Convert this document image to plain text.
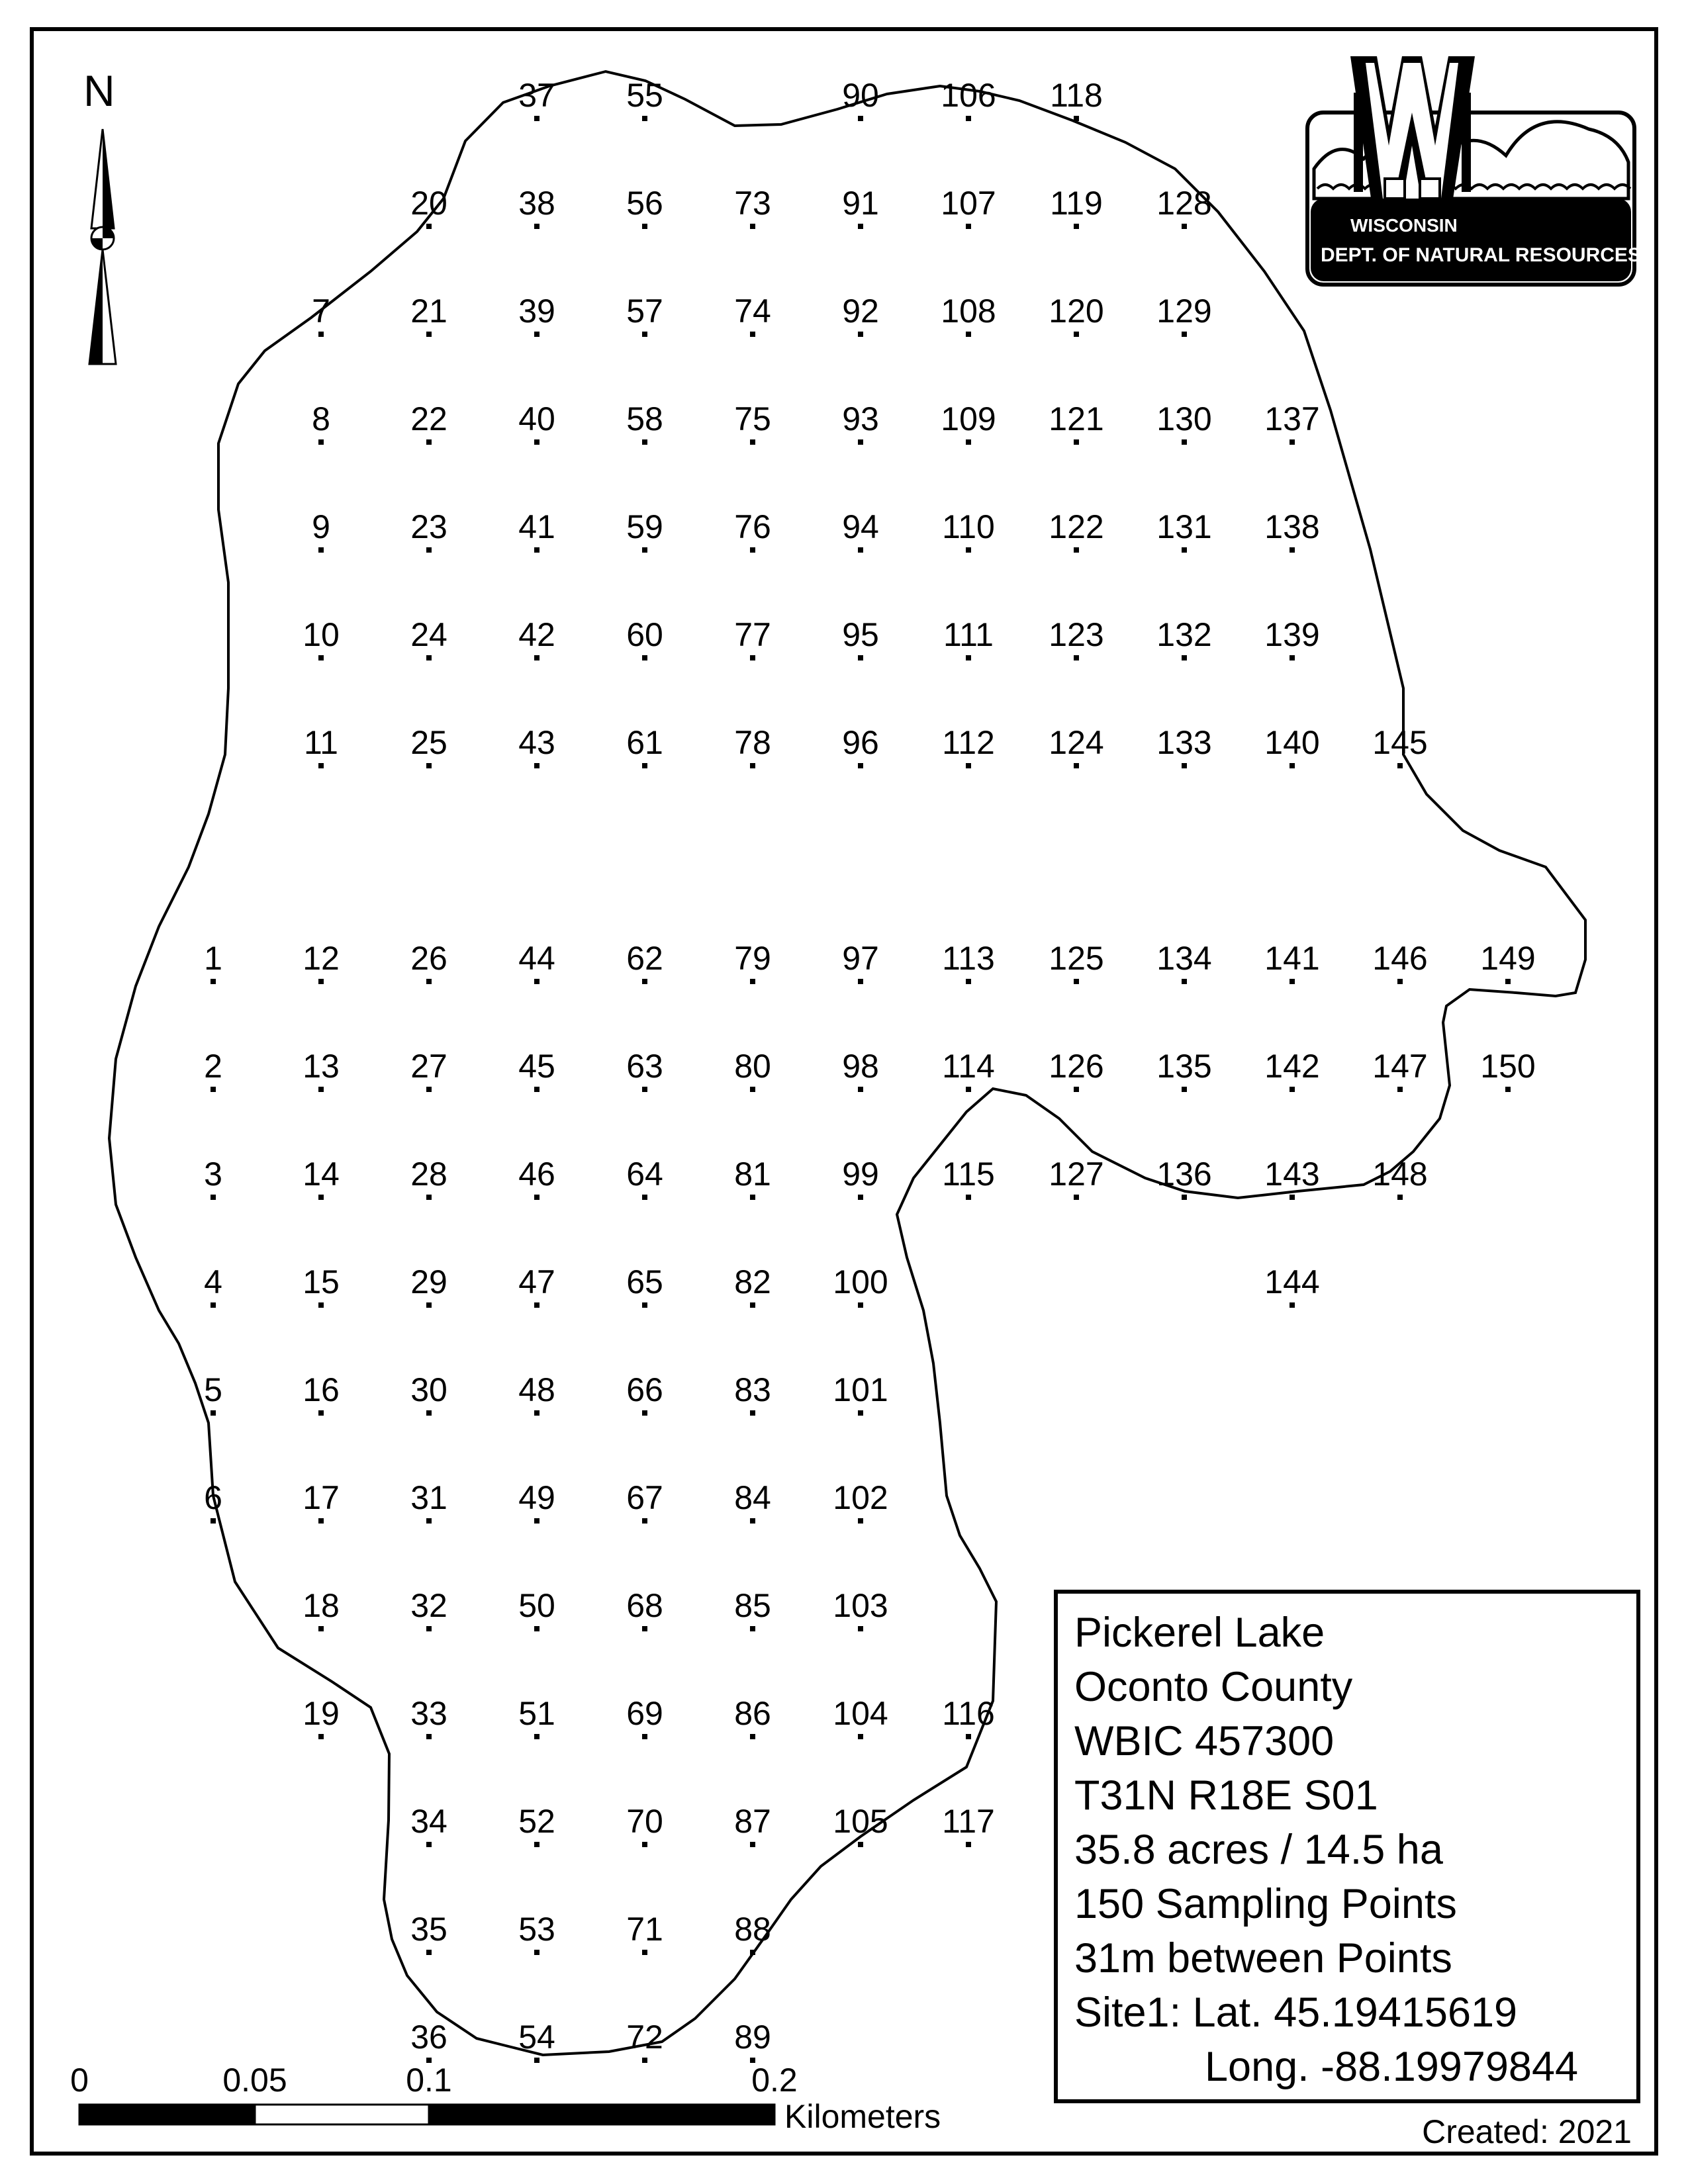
1
2
3
4
5
6
7
8
9
10
11
12
13
14
15
16
17
18
19
20
21
22
23
24
25
26
27
28
29
30
31
32
33
34
35
36
37
38
39
40
41
42
43
44
45
46
47
48
49
50
51
52
53
54
55
56
57
58
59
60
61
62
63
64
65
66
67
68
69
70
71
72
73
74
75
76
77
78
79
80
81
82
83
84
85
86
87
88
89
90
91
92
93
94
95
96
97
98
99
100
101
102
103
104
105
106
107
108
109
110
111
112
113
114
115
116
117
118
119
120
121
122
123
124
125
126
127
128
129
130
131
132
133
134
135
136
137
138
139
140
141
142
143
144
145
146
147
148
149
150
N
WISCONSIN
DEPT. OF NATURAL RESOURCES
0	0.05	0.1	0.2
Kilometers
Pickerel Lake
Oconto County
WBIC 457300
T31N R18E S01
35.8 acres / 14.5 ha
150 Sampling Points
31m between Points
Site1: Lat. 45.19415619
Long. -88.19979844
Created: 2021
